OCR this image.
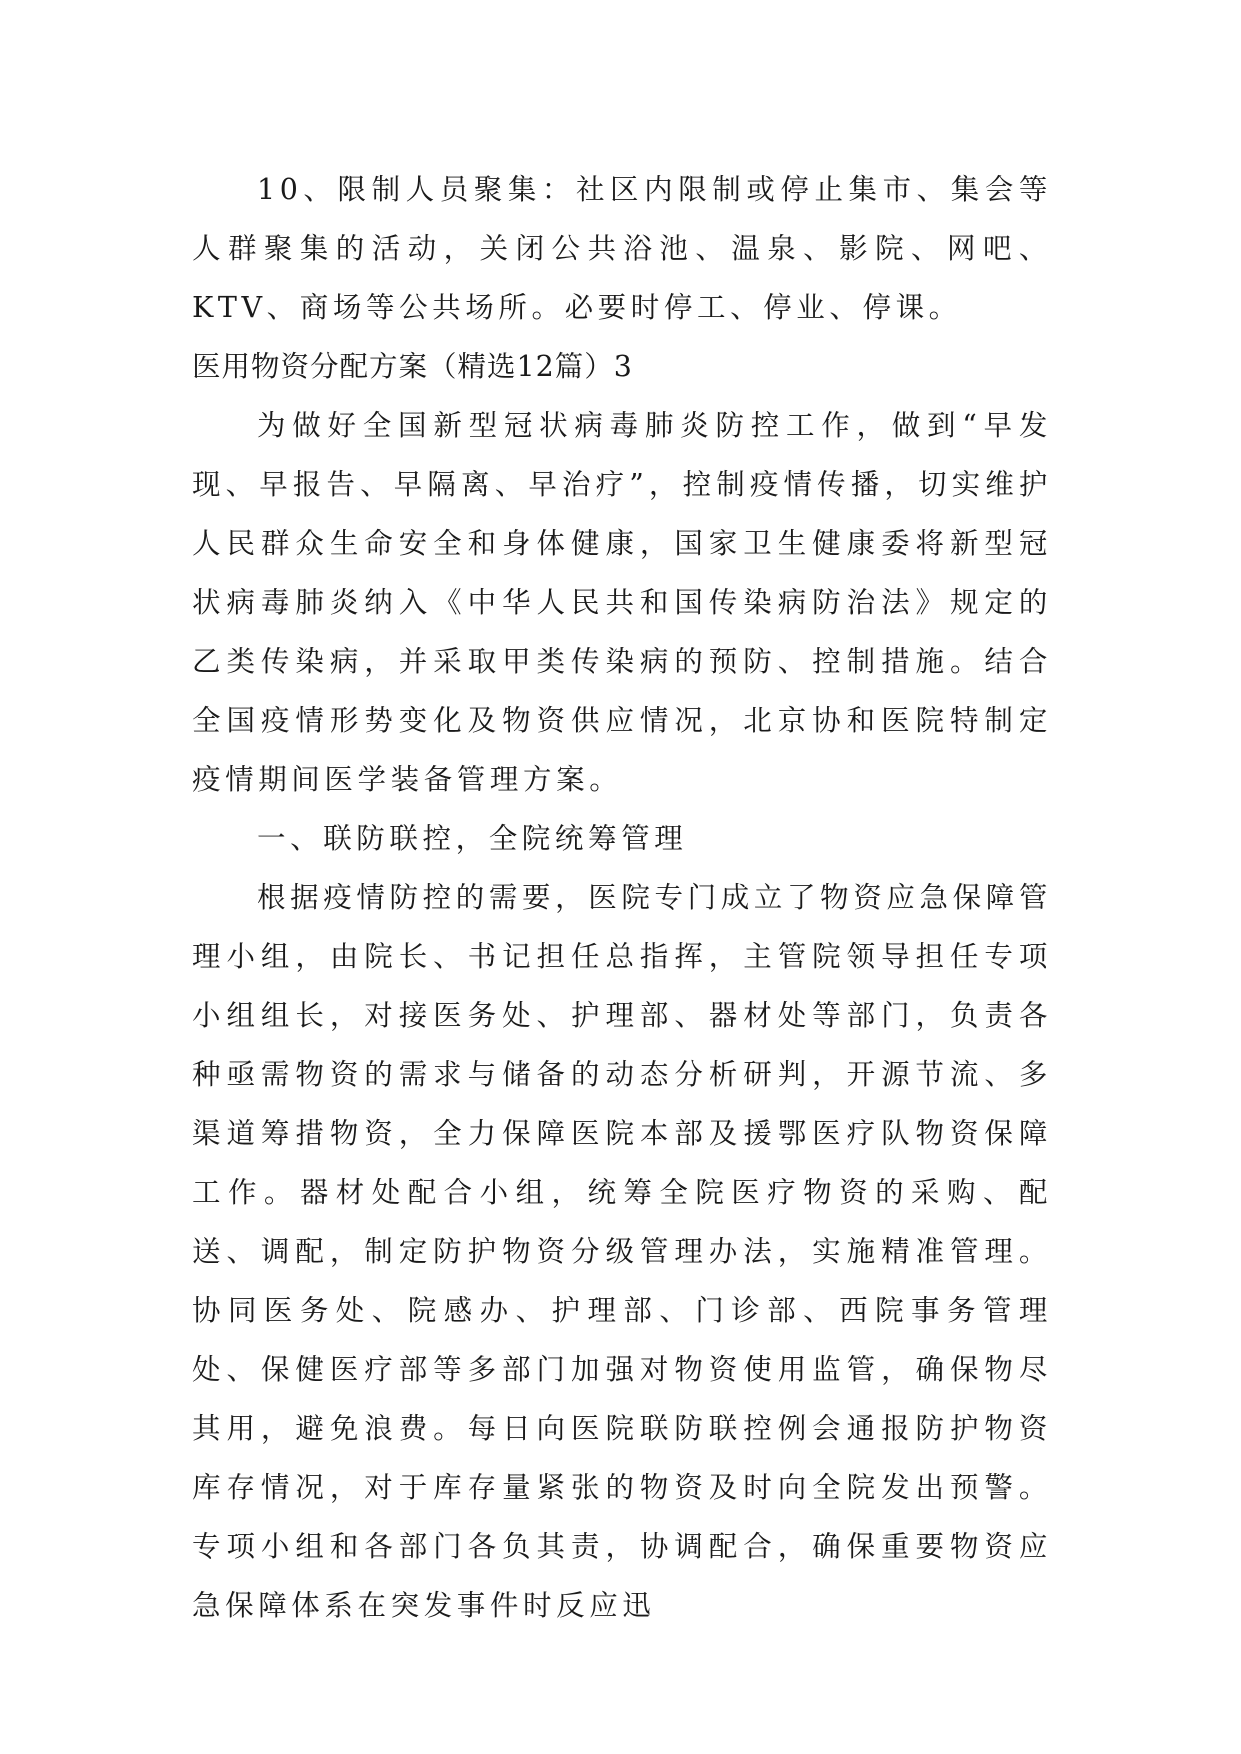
10、限制人员聚集：社区内限制或停止集市、集会等人群聚集的活动，关闭公共浴池、温泉、影院、网吧、KTV、商场等公共场所。必要时停工、停业、停课。

医用物资分配方案（精选12篇）3

为做好全国新型冠状病毒肺炎防控工作，做到“早发现、早报告、早隔离、早治疗”，控制疫情传播，切实维护人民群众生命安全和身体健康，国家卫生健康委将新型冠状病毒肺炎纳入《中华人民共和国传染病防治法》规定的乙类传染病，并采取甲类传染病的预防、控制措施。结合全国疫情形势变化及物资供应情况，北京协和医院特制定疫情期间医学装备管理方案。

一、联防联控，全院统筹管理

根据疫情防控的需要，医院专门成立了物资应急保障管理小组，由院长、书记担任总指挥，主管院领导担任专项小组组长，对接医务处、护理部、器材处等部门，负责各种亟需物资的需求与储备的动态分析研判，开源节流、多渠道筹措物资，全力保障医院本部及援鄂医疗队物资保障工作。器材处配合小组，统筹全院医疗物资的采购、配送、调配，制定防护物资分级管理办法，实施精准管理。协同医务处、院感办、护理部、门诊部、西院事务管理处、保健医疗部等多部门加强对物资使用监管，确保物尽其用，避免浪费。每日向医院联防联控例会通报防护物资库存情况，对于库存量紧张的物资及时向全院发出预警。专项小组和各部门各负其责，协调配合，确保重要物资应急保障体系在突发事件时反应迅
